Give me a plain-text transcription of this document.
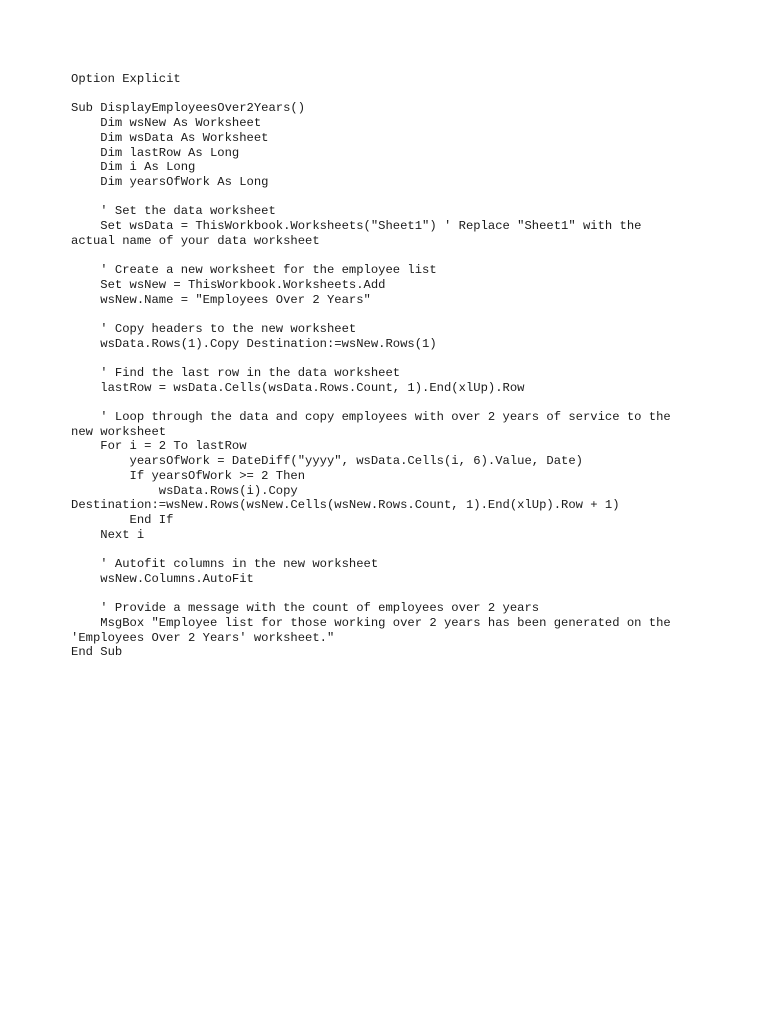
Option Explicit
Sub DisplayEmployeesOver2Years()
Dim wsNew As Worksheet
Dim wsData As Worksheet
Dim lastRow As Long
Dim i As Long
Dim yearsOfWork As Long
' Set the data worksheet
Set wsData = ThisWorkbook.Worksheets("Sheet1") ' Replace "Sheet1" with the
actual name of your data worksheet
' Create a new worksheet for the employee list
Set wsNew = ThisWorkbook.Worksheets.Add
wsNew.Name = "Employees Over 2 Years"
' Copy headers to the new worksheet
wsData.Rows(1).Copy Destination:=wsNew.Rows(1)
' Find the last row in the data worksheet
lastRow = wsData.Cells(wsData.Rows.Count, 1).End(xlUp).Row
' Loop through the data and copy employees with over 2 years of service to the
new worksheet
For i = 2 To lastRow
yearsOfWork = DateDiff("yyyy", wsData.Cells(i, 6).Value, Date)
If yearsOfWork >= 2 Then
wsData.Rows(i).Copy
Destination:=wsNew.Rows(wsNew.Cells(wsNew.Rows.Count, 1).End(xlUp).Row + 1)
End If
Next i
' Autofit columns in the new worksheet
wsNew.Columns.AutoFit
' Provide a message with the count of employees over 2 years
MsgBox "Employee list for those working over 2 years has been generated on the
'Employees Over 2 Years' worksheet."
End Sub
